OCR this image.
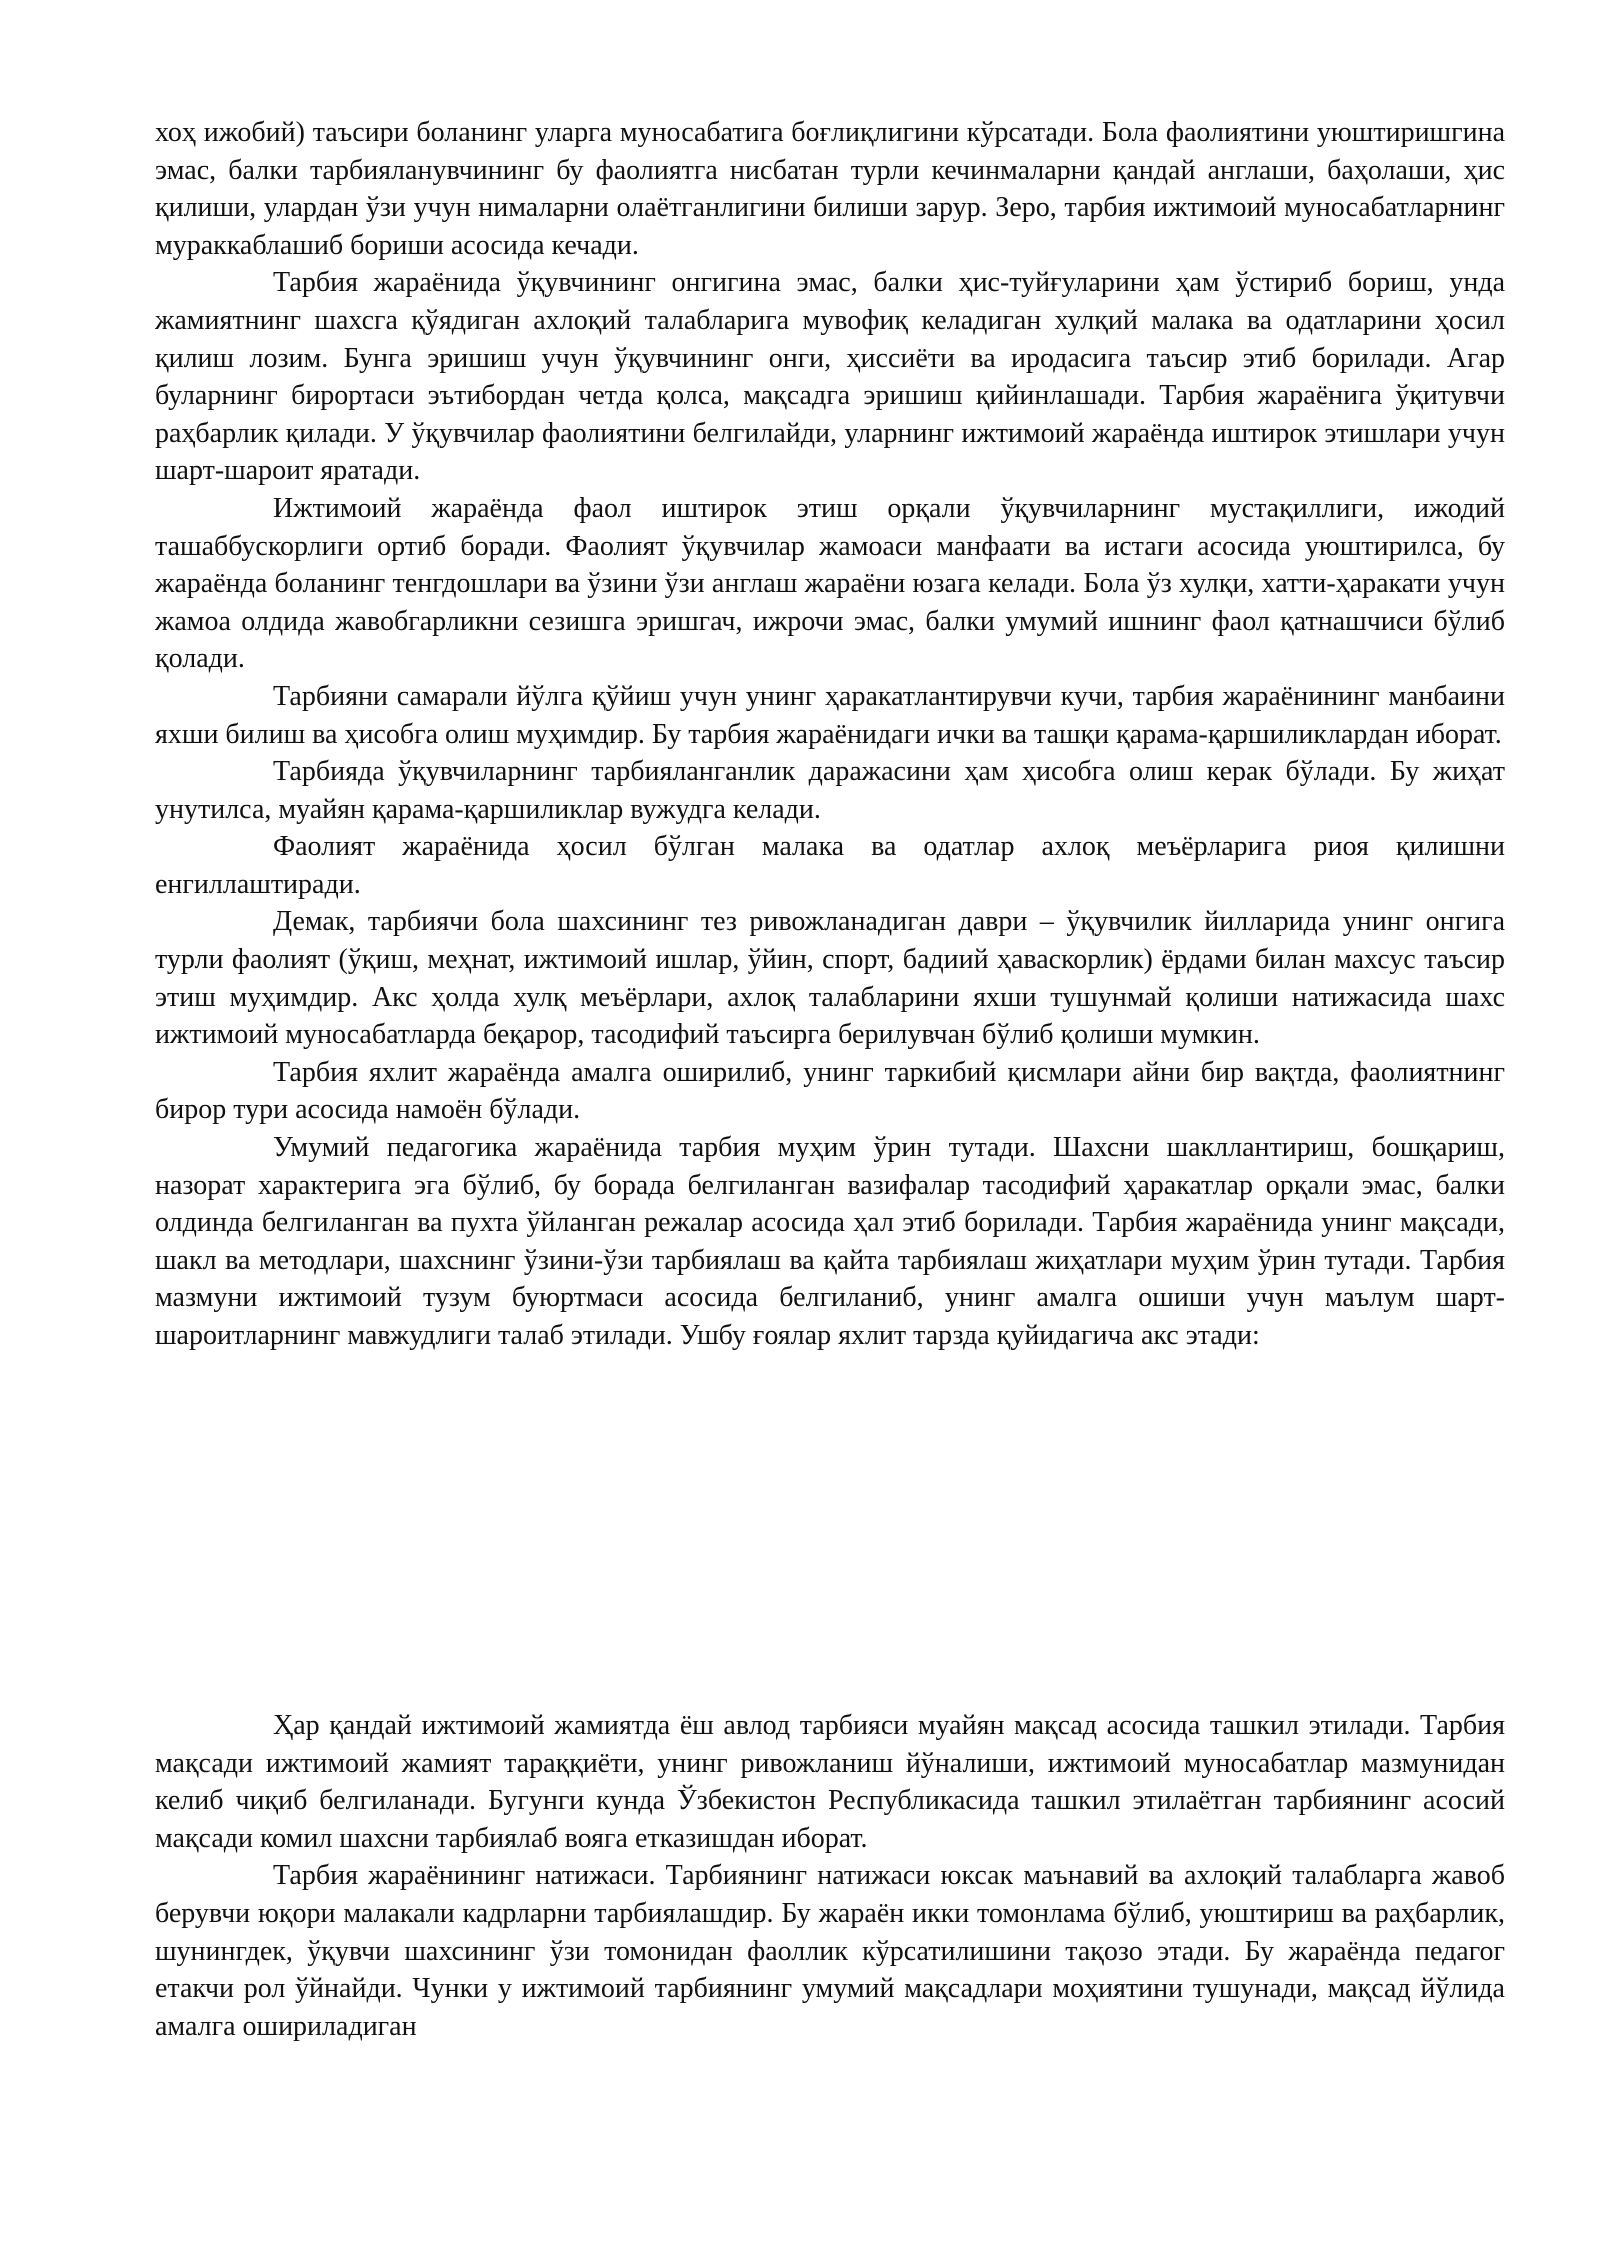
хоҳ ижобий) таъсири боланинг уларга муносабатига боғлиқлигини кўрсатади. Бола фаолиятини уюштиришгина эмас, балки тарбияланувчининг бу фаолиятга нисбатан турли кечинмаларни қандай англаши, баҳолаши, ҳис қилиши, улардан ўзи учун нималарни олаётганлигини билиши зарур. Зеро, тарбия ижтимоий муносабатларнинг мураккаблашиб бориши асосида кечади.

Тарбия жараёнида ўқувчининг онгигина эмас, балки ҳис-туйғуларини ҳам ўстириб бориш, унда жамиятнинг шахсга қўядиган ахлоқий талабларига мувофиқ келадиган хулқий малака ва одатларини ҳосил қилиш лозим. Бунга эришиш учун ўқувчининг онги, ҳиссиёти ва иродасига таъсир этиб борилади. Агар буларнинг бирортаси эътибордан четда қолса, мақсадга эришиш қийинлашади. Тарбия жараёнига ўқитувчи раҳбарлик қилади. У ўқувчилар фаолиятини белгилайди, уларнинг ижтимоий жараёнда иштирок этишлари учун шарт-шароит яратади.

Ижтимоий жараёнда фаол иштирок этиш орқали ўқувчиларнинг мустақиллиги, ижодий ташаббускорлиги ортиб боради. Фаолият ўқувчилар жамоаси манфаати ва истаги асосида уюштирилса, бу жараёнда боланинг тенгдошлари ва ўзини ўзи англаш жараёни юзага келади. Бола ўз хулқи, хатти-ҳаракати учун жамоа олдида жавобгарликни сезишга эришгач, ижрочи эмас, балки умумий ишнинг фаол қатнашчиси бўлиб қолади.

Тарбияни самарали йўлга қўйиш учун унинг ҳаракатлантирувчи кучи, тарбия жараёнининг манбаини яхши билиш ва ҳисобга олиш муҳимдир. Бу тарбия жараёнидаги ички ва ташқи қарама-қаршиликлардан иборат.

Тарбияда ўқувчиларнинг тарбияланганлик даражасини ҳам ҳисобга олиш керак бўлади. Бу жиҳат унутилса, муайян қарама-қаршиликлар вужудга келади.

Фаолият жараёнида ҳосил бўлган малака ва одатлар ахлоқ меъёрларига риоя қилишни енгиллаштиради.

Демак, тарбиячи бола шахсининг тез ривожланадиган даври – ўқувчилик йилларида унинг онгига турли фаолият (ўқиш, меҳнат, ижтимоий ишлар, ўйин, спорт, бадиий ҳаваскорлик) ёрдами билан махсус таъсир этиш муҳимдир. Акс ҳолда хулқ меъёрлари, ахлоқ талабларини яхши тушунмай қолиши натижасида шахс ижтимоий муносабатларда беқарор, тасодифий таъсирга берилувчан бўлиб қолиши мумкин.

Тарбия яхлит жараёнда амалга оширилиб, унинг таркибий қисмлари айни бир вақтда, фаолиятнинг бирор тури асосида намоён бўлади.

Умумий педагогика жараёнида тарбия муҳим ўрин тутади. Шахсни шакллантириш, бошқариш, назорат характерига эга бўлиб, бу борада белгиланган вазифалар тасодифий ҳаракатлар орқали эмас, балки олдинда белгиланган ва пухта ўйланган режалар асосида ҳал этиб борилади. Тарбия жараёнида унинг мақсади, шакл ва методлари, шахснинг ўзини-ўзи тарбиялаш ва қайта тарбиялаш жиҳатлари муҳим ўрин тутади. Тарбия мазмуни ижтимоий тузум буюртмаси асосида белгиланиб, унинг амалга ошиши учун маълум шарт-шароитларнинг мавжудлиги талаб этилади. Ушбу ғоялар яхлит тарзда қуйидагича акс этади:

Ҳар қандай ижтимоий жамиятда ёш авлод тарбияси муайян мақсад асосида ташкил этилади. Тарбия мақсади ижтимоий жамият тараққиёти, унинг ривожланиш йўналиши, ижтимоий муносабатлар мазмунидан келиб чиқиб белгиланади. Бугунги кунда Ўзбекистон Республикасида ташкил этилаётган тарбиянинг асосий мақсади комил шахсни тарбиялаб вояга етказишдан иборат.

Тарбия жараёнининг натижаси. Тарбиянинг натижаси юксак маънавий ва ахлоқий талабларга жавоб берувчи юқори малакали кадрларни тарбиялашдир. Бу жараён икки томонлама бўлиб, уюштириш ва раҳбарлик, шунингдек, ўқувчи шахсининг ўзи томонидан фаоллик кўрсатилишини тақозо этади. Бу жараёнда педагог етакчи рол ўйнайди. Чунки у ижтимоий тарбиянинг умумий мақсадлари моҳиятини тушунади, мақсад йўлида амалга ошириладиган
